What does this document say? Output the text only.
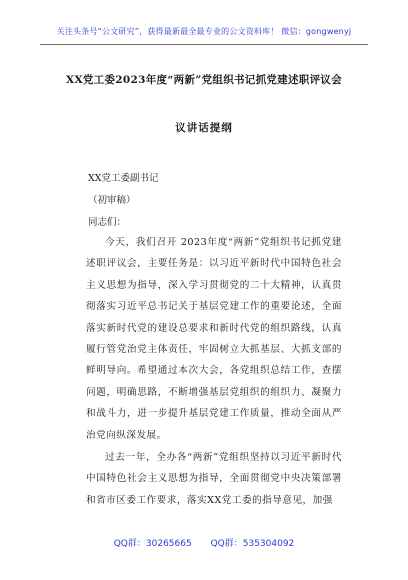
关注头条号“公文研究”，获得最新最全最专业的公文资料库！ 微信：gongwenyj
XX党工委2023年度“两新”党组织书记抓党建述职评议会
议讲话提纲
XX党工委副书记
（初审稿）
同志们：
今天，我们召开 2023年度“两新”党组织书记抓党建述职评议会，主要任务是：以习近平新时代中国特色社会主义思想为指导，深入学习贯彻党的二十大精神，认真贯彻落实习近平总书记关于基层党建工作的重要论述，全面落实新时代党的建设总要求和新时代党的组织路线，认真履行管党治党主体责任，牢固树立大抓基层、大抓支部的鲜明导向。希望通过本次大会，各党组织总结工作，查摆问题，明确思路，不断增强基层党组织的组织力、凝聚力和战斗力，进一步提升基层党建工作质量，推动全面从严治党向纵深发展。
过去一年，全办各“两新”党组织坚持以习近平新时代中国特色社会主义思想为指导，全面贯彻党中央决策部署和省市区委工作要求，落实XX党工委的指导意见，加强
QQ群：30265665 QQ群：535304092
